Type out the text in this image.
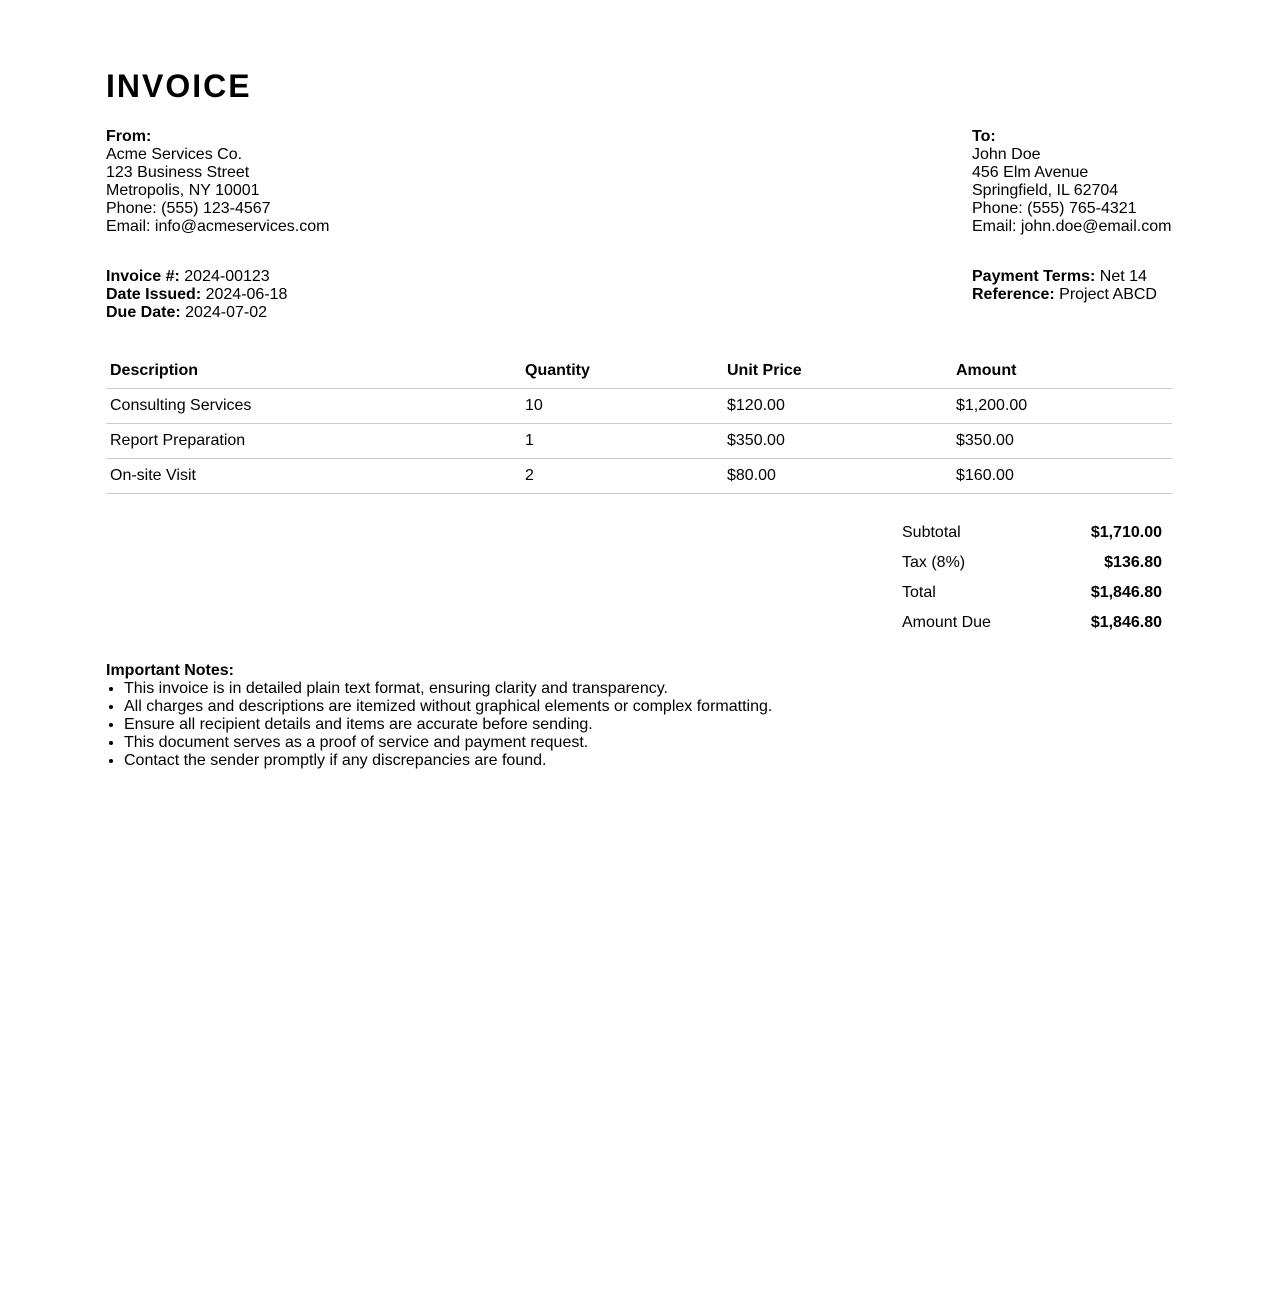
INVOICE
From:
Acme Services Co.
123 Business Street
Metropolis, NY 10001
Phone: (555) 123-4567
Email: info@acmeservices.com
To:
John Doe
456 Elm Avenue
Springfield, IL 62704
Phone: (555) 765-4321
Email: john.doe@email.com
Invoice #: 2024-00123
Date Issued: 2024-06-18
Due Date: 2024-07-02
Payment Terms: Net 14
Reference: Project ABCD
Description	Quantity	Unit Price	Amount
Consulting Services	10	$120.00	$1,200.00
Report Preparation	1	$350.00	$350.00
On-site Visit	2	$80.00	$160.00
Subtotal	$1,710.00
Tax (8%)	$136.80
Total	$1,846.80
Amount Due	$1,846.80
Important Notes:
• This invoice is in detailed plain text format, ensuring clarity and transparency.
• All charges and descriptions are itemized without graphical elements or complex formatting.
• Ensure all recipient details and items are accurate before sending.
• This document serves as a proof of service and payment request.
• Contact the sender promptly if any discrepancies are found.
